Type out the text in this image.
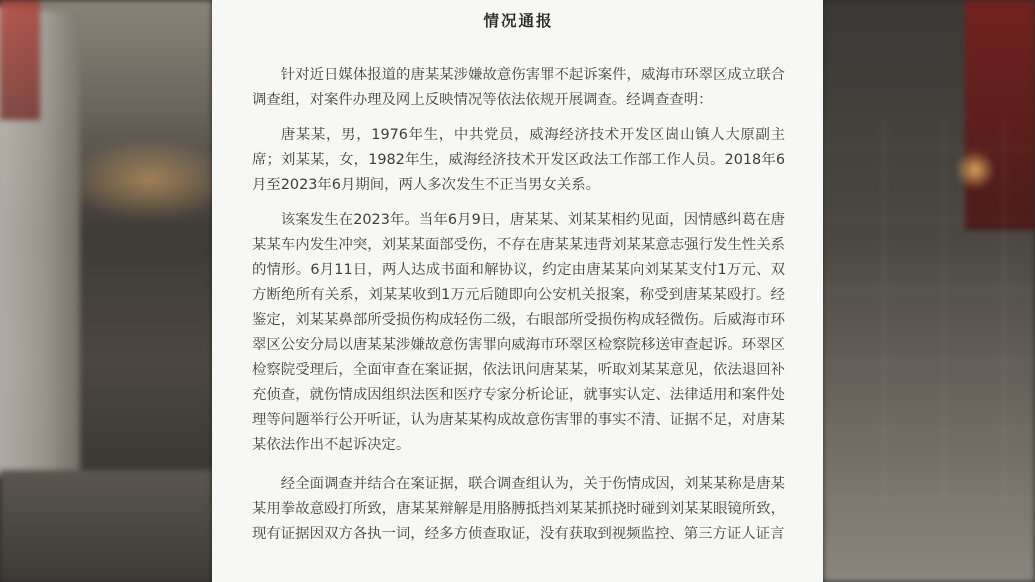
情况通报

针对近日媒体报道的唐某某涉嫌故意伤害罪不起诉案件，威海市环翠区成立联合调查组，对案件办理及网上反映情况等依法依规开展调查。经调查查明：

唐某某，男，1976年生，中共党员，威海经济技术开发区崮山镇人大原副主席；刘某某，女，1982年生，威海经济技术开发区政法工作部工作人员。2018年6月至2023年6月期间，两人多次发生不正当男女关系。

该案发生在2023年。当年6月9日，唐某某、刘某某相约见面，因情感纠葛在唐某某车内发生冲突，刘某某面部受伤，不存在唐某某违背刘某某意志强行发生性关系的情形。6月11日，两人达成书面和解协议，约定由唐某某向刘某某支付1万元、双方断绝所有关系，刘某某收到1万元后随即向公安机关报案，称受到唐某某殴打。经鉴定，刘某某鼻部所受损伤构成轻伤二级，右眼部所受损伤构成轻微伤。后威海市环翠区公安分局以唐某某涉嫌故意伤害罪向威海市环翠区检察院移送审查起诉。环翠区检察院受理后，全面审查在案证据，依法讯问唐某某，听取刘某某意见，依法退回补充侦查，就伤情成因组织法医和医疗专家分析论证，就事实认定、法律适用和案件处理等问题举行公开听证，认为唐某某构成故意伤害罪的事实不清、证据不足，对唐某某依法作出不起诉决定。

经全面调查并结合在案证据，联合调查组认为，关于伤情成因，刘某某称是唐某某用拳故意殴打所致，唐某某辩解是用胳膊抵挡刘某某抓挠时碰到刘某某眼镜所致，现有证据因双方各执一词，经多方侦查取证，没有获取到视频监控、第三方证人证言
